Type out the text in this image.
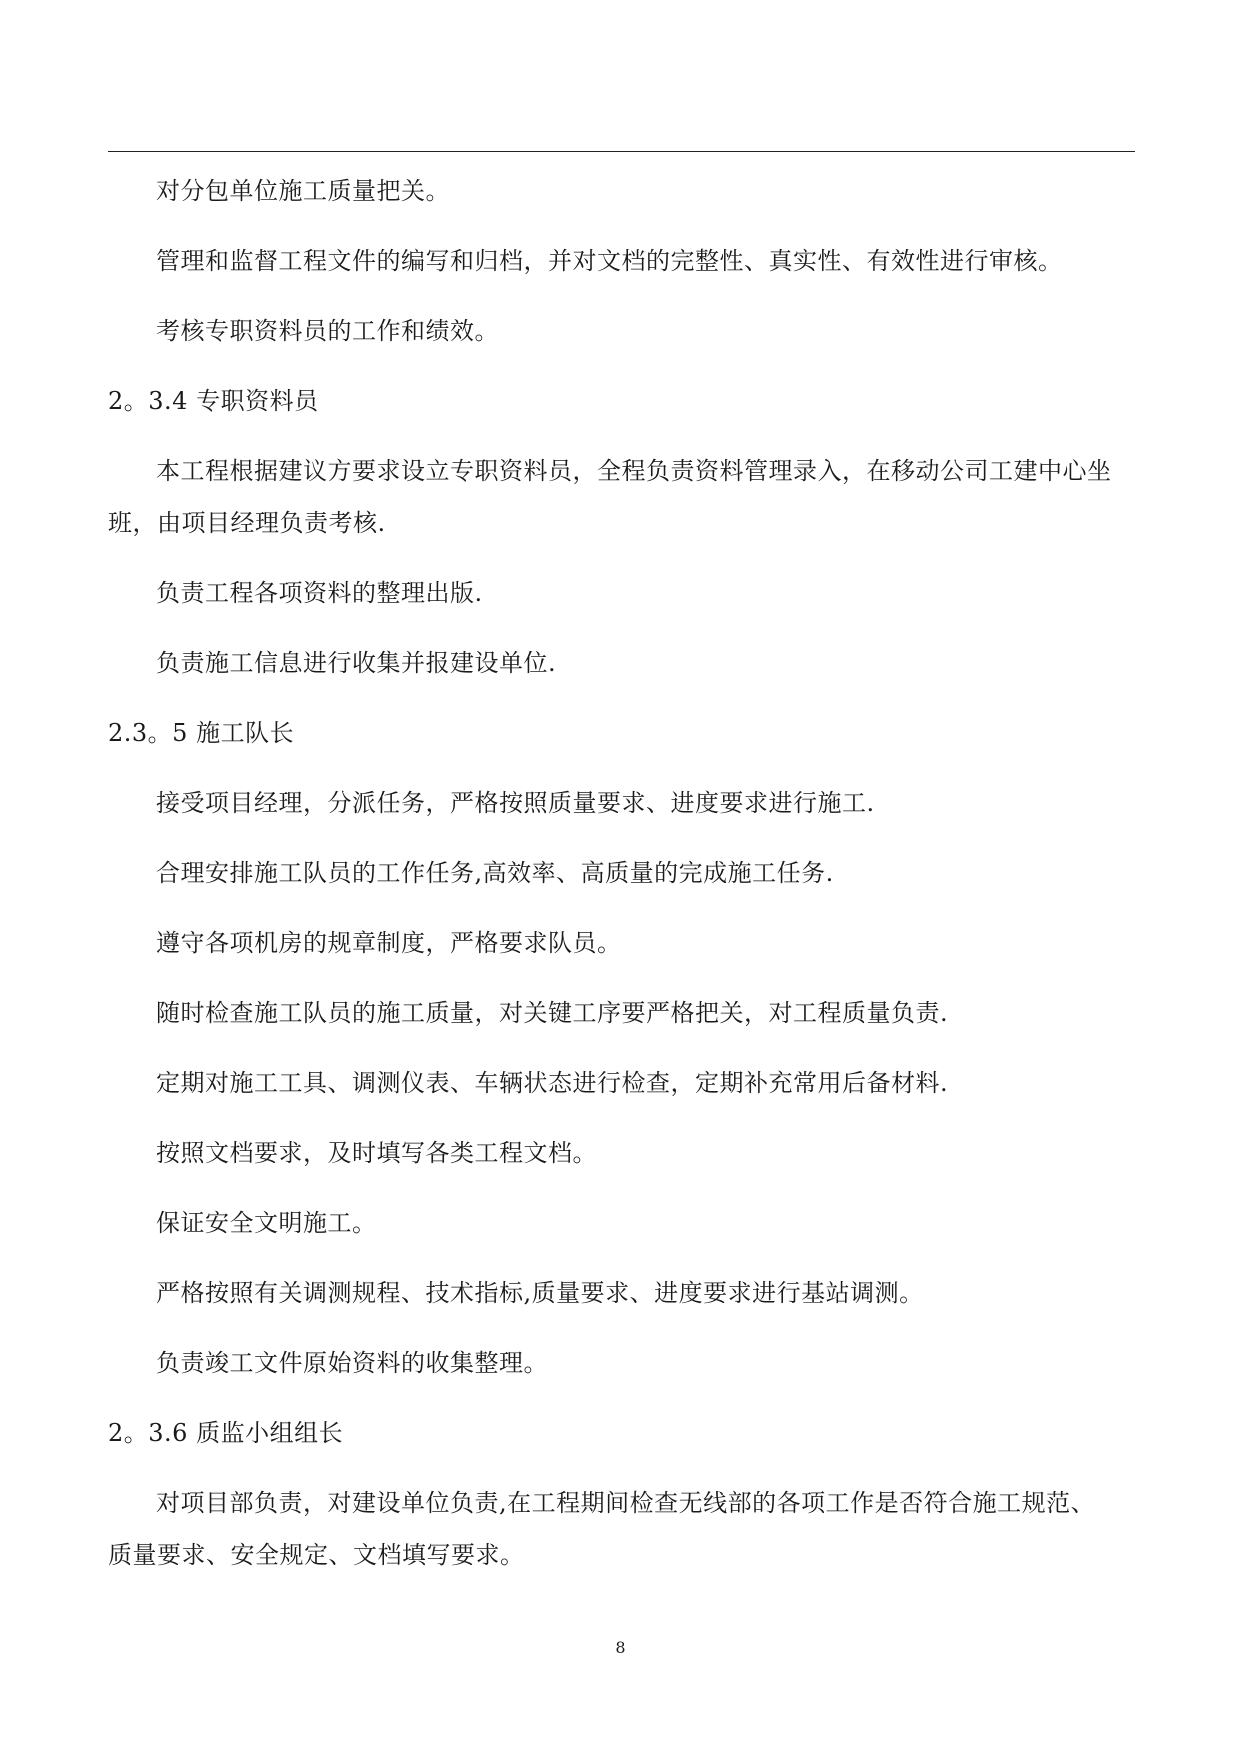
对分包单位施工质量把关。
管理和监督工程文件的编写和归档，并对文档的完整性、真实性、有效性进行审核。
考核专职资料员的工作和绩效。
2。3.4 专职资料员
本工程根据建议方要求设立专职资料员，全程负责资料管理录入，在移动公司工建中心坐
班，由项目经理负责考核.
负责工程各项资料的整理出版.
负责施工信息进行收集并报建设单位.
2.3。5 施工队长
接受项目经理，分派任务，严格按照质量要求、进度要求进行施工.
合理安排施工队员的工作任务,高效率、高质量的完成施工任务.
遵守各项机房的规章制度，严格要求队员。
随时检查施工队员的施工质量，对关键工序要严格把关，对工程质量负责.
定期对施工工具、调测仪表、车辆状态进行检查，定期补充常用后备材料.
按照文档要求，及时填写各类工程文档。
保证安全文明施工。
严格按照有关调测规程、技术指标,质量要求、进度要求进行基站调测。
负责竣工文件原始资料的收集整理。
2。3.6 质监小组组长
对项目部负责，对建设单位负责,在工程期间检查无线部的各项工作是否符合施工规范、
质量要求、安全规定、文档填写要求。
8
